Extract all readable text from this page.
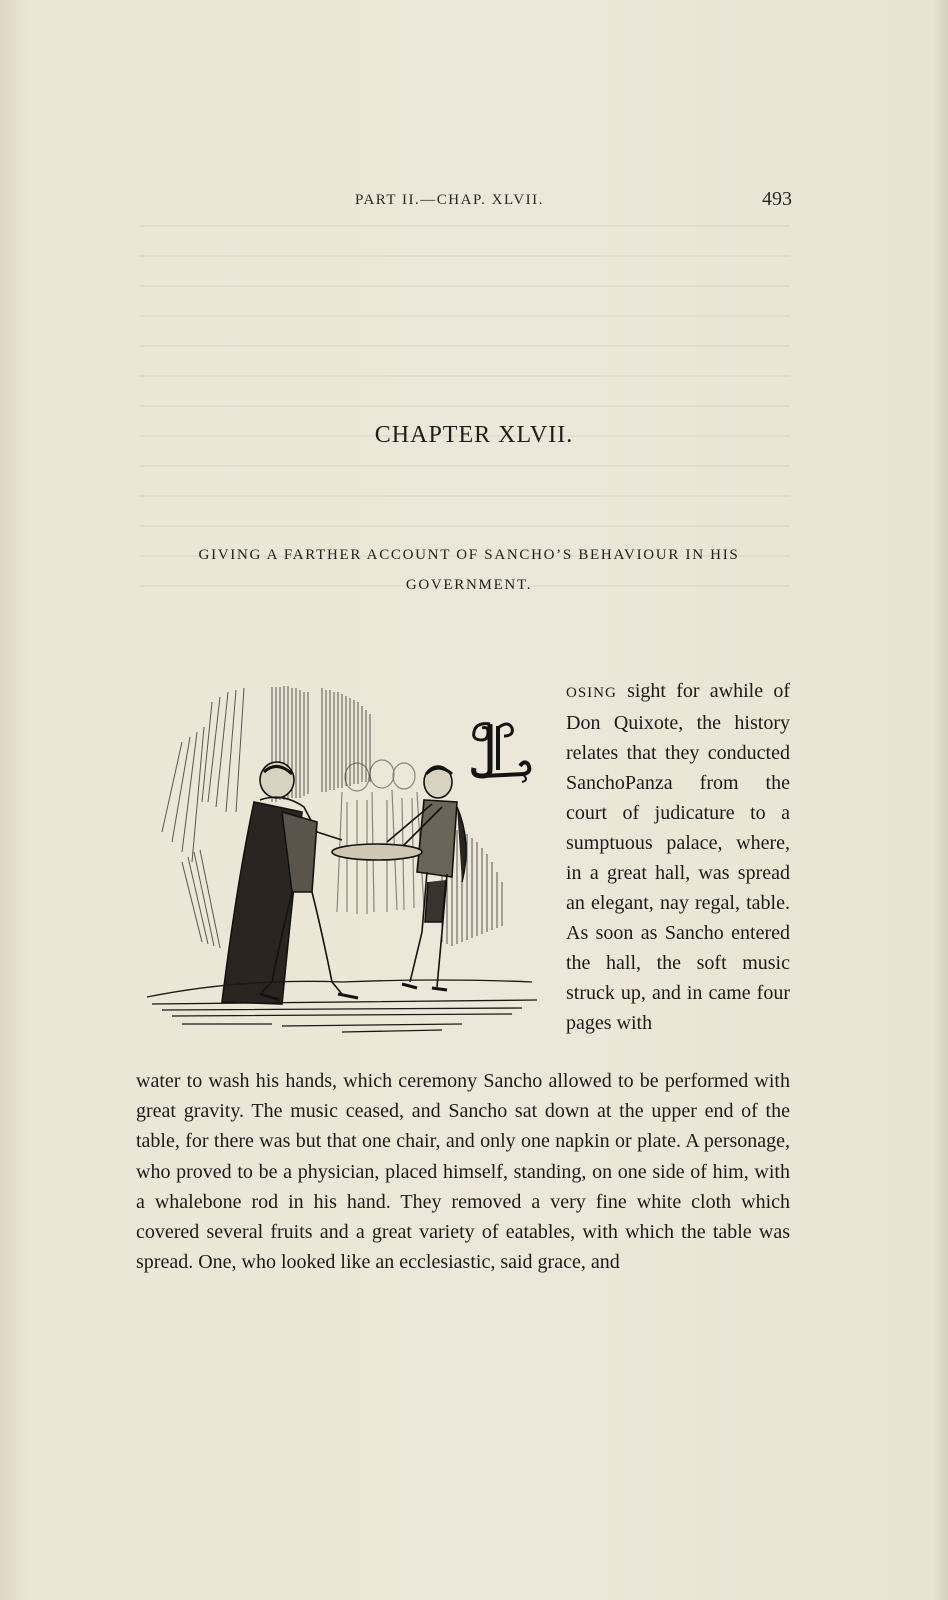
PART II.—CHAP. XLVII.	493
CHAPTER XLVII.
GIVING A FARTHER ACCOUNT OF SANCHO’S BEHAVIOUR IN HIS GOVERNMENT.
OSING sight for awhile of Don Quixote, the history relates that they conducted SanchoPanza from the court of judicature to a sumptuous palace, where, in a great hall, was spread an elegant, nay regal, table. As soon as Sancho entered the hall, the soft music struck up, and in came four pages with
water to wash his hands, which ceremony Sancho allowed to be performed with great gravity. The music ceased, and Sancho sat down at the upper end of the table, for there was but that one chair, and only one napkin or plate. A personage, who proved to be a physician, placed himself, standing, on one side of him, with a whalebone rod in his hand. They removed a very fine white cloth which covered several fruits and a great variety of eatables, with which the table was spread. One, who looked like an ecclesiastic, said grace, and
